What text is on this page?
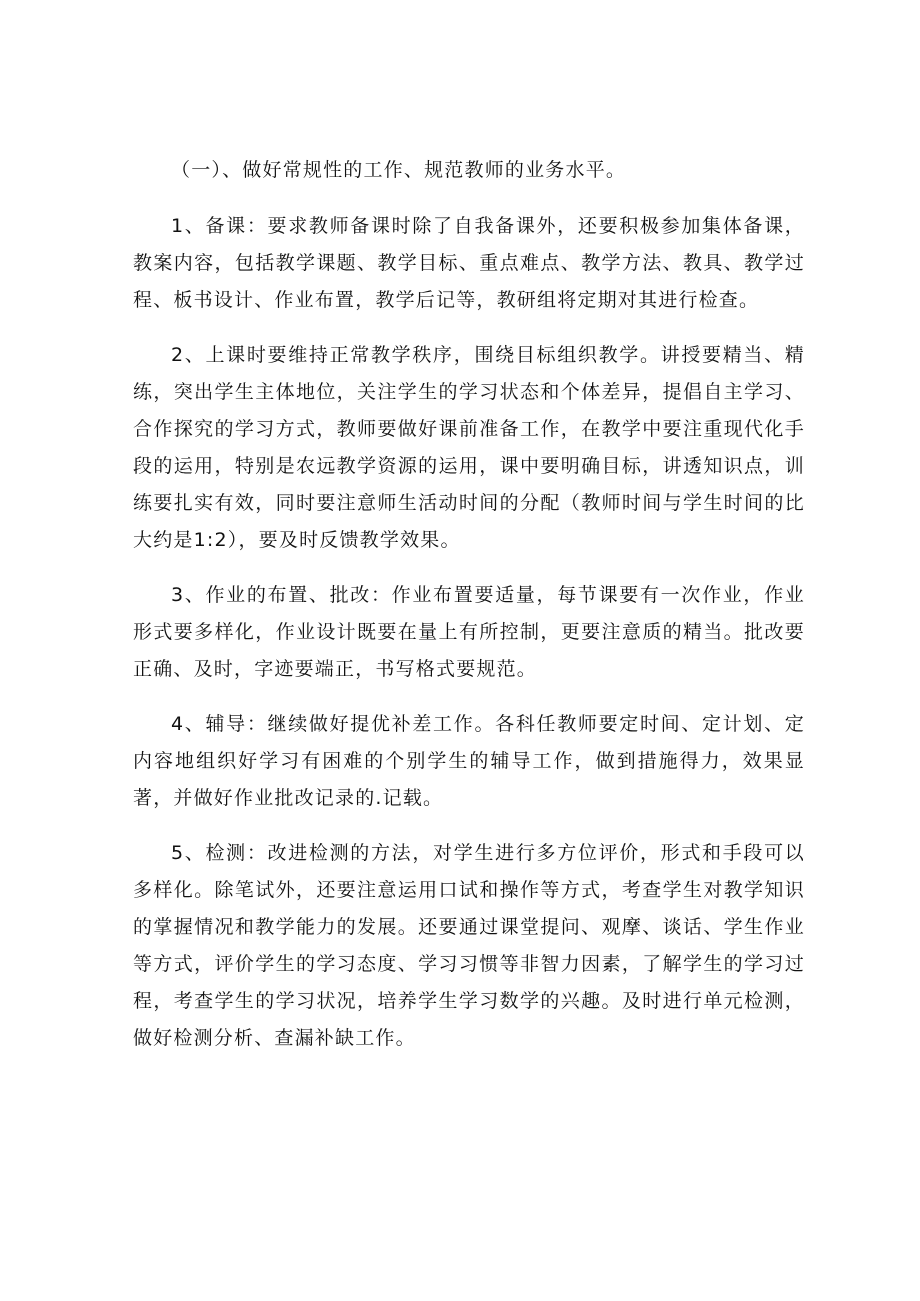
（一）、做好常规性的工作、规范教师的业务水平。

1、备课：要求教师备课时除了自我备课外，还要积极参加集体备课，教案内容，包括教学课题、教学目标、重点难点、教学方法、教具、教学过程、板书设计、作业布置，教学后记等，教研组将定期对其进行检查。

2、上课时要维持正常教学秩序，围绕目标组织教学。讲授要精当、精练，突出学生主体地位，关注学生的学习状态和个体差异，提倡自主学习、合作探究的学习方式，教师要做好课前准备工作，在教学中要注重现代化手段的运用，特别是农远教学资源的运用，课中要明确目标，讲透知识点，训练要扎实有效，同时要注意师生活动时间的分配（教师时间与学生时间的比大约是1:2），要及时反馈教学效果。

3、作业的布置、批改：作业布置要适量，每节课要有一次作业，作业形式要多样化，作业设计既要在量上有所控制，更要注意质的精当。批改要正确、及时，字迹要端正，书写格式要规范。

4、辅导：继续做好提优补差工作。各科任教师要定时间、定计划、定内容地组织好学习有困难的个别学生的辅导工作，做到措施得力，效果显著，并做好作业批改记录的.记载。

5、检测：改进检测的方法，对学生进行多方位评价，形式和手段可以多样化。除笔试外，还要注意运用口试和操作等方式，考查学生对教学知识的掌握情况和教学能力的发展。还要通过课堂提问、观摩、谈话、学生作业等方式，评价学生的学习态度、学习习惯等非智力因素，了解学生的学习过程，考查学生的学习状况，培养学生学习数学的兴趣。及时进行单元检测，做好检测分析、查漏补缺工作。
